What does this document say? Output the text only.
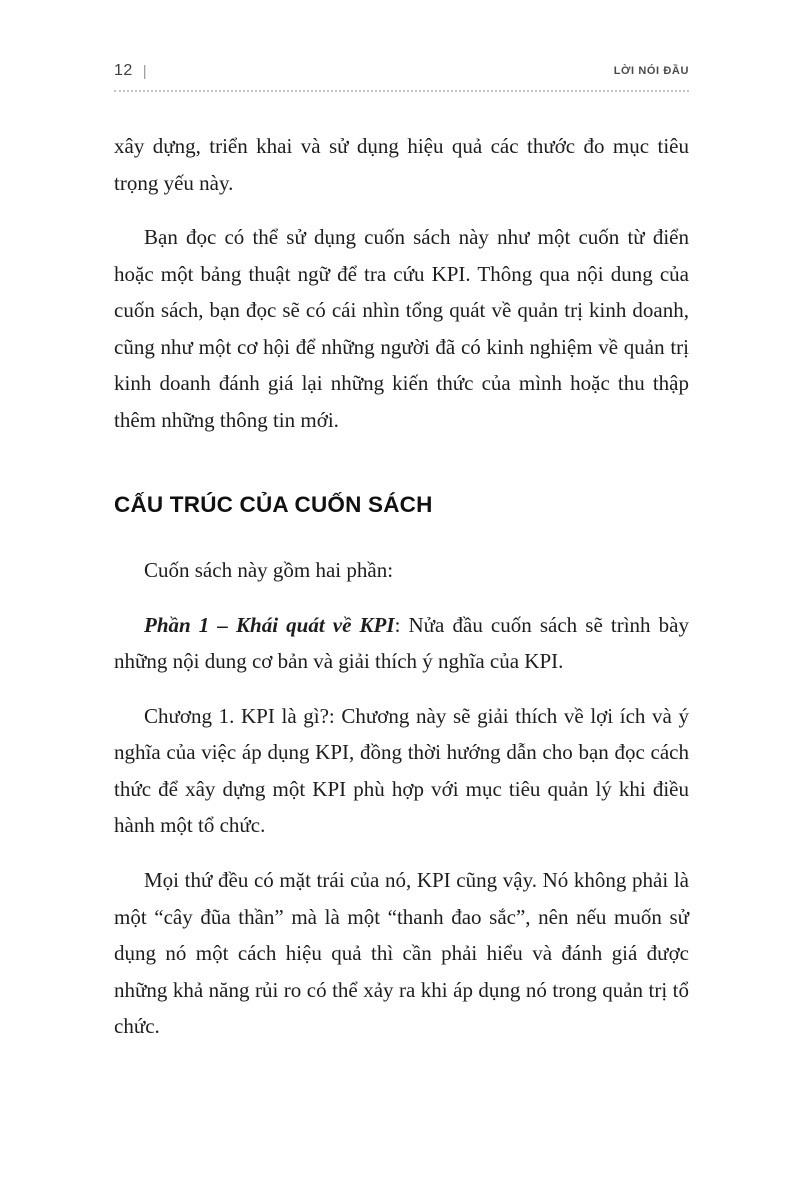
12 |	LỜI NÓI ĐẦU

xây dựng, triển khai và sử dụng hiệu quả các thước đo mục tiêu trọng yếu này.

Bạn đọc có thể sử dụng cuốn sách này như một cuốn từ điển hoặc một bảng thuật ngữ để tra cứu KPI. Thông qua nội dung của cuốn sách, bạn đọc sẽ có cái nhìn tổng quát về quản trị kinh doanh, cũng như một cơ hội để những người đã có kinh nghiệm về quản trị kinh doanh đánh giá lại những kiến thức của mình hoặc thu thập thêm những thông tin mới.

CẤU TRÚC CỦA CUỐN SÁCH

Cuốn sách này gồm hai phần:

Phần 1 – Khái quát về KPI: Nửa đầu cuốn sách sẽ trình bày những nội dung cơ bản và giải thích ý nghĩa của KPI.

Chương 1. KPI là gì?: Chương này sẽ giải thích về lợi ích và ý nghĩa của việc áp dụng KPI, đồng thời hướng dẫn cho bạn đọc cách thức để xây dựng một KPI phù hợp với mục tiêu quản lý khi điều hành một tổ chức.

Mọi thứ đều có mặt trái của nó, KPI cũng vậy. Nó không phải là một “cây đũa thần” mà là một “thanh đao sắc”, nên nếu muốn sử dụng nó một cách hiệu quả thì cần phải hiểu và đánh giá được những khả năng rủi ro có thể xảy ra khi áp dụng nó trong quản trị tổ chức.
